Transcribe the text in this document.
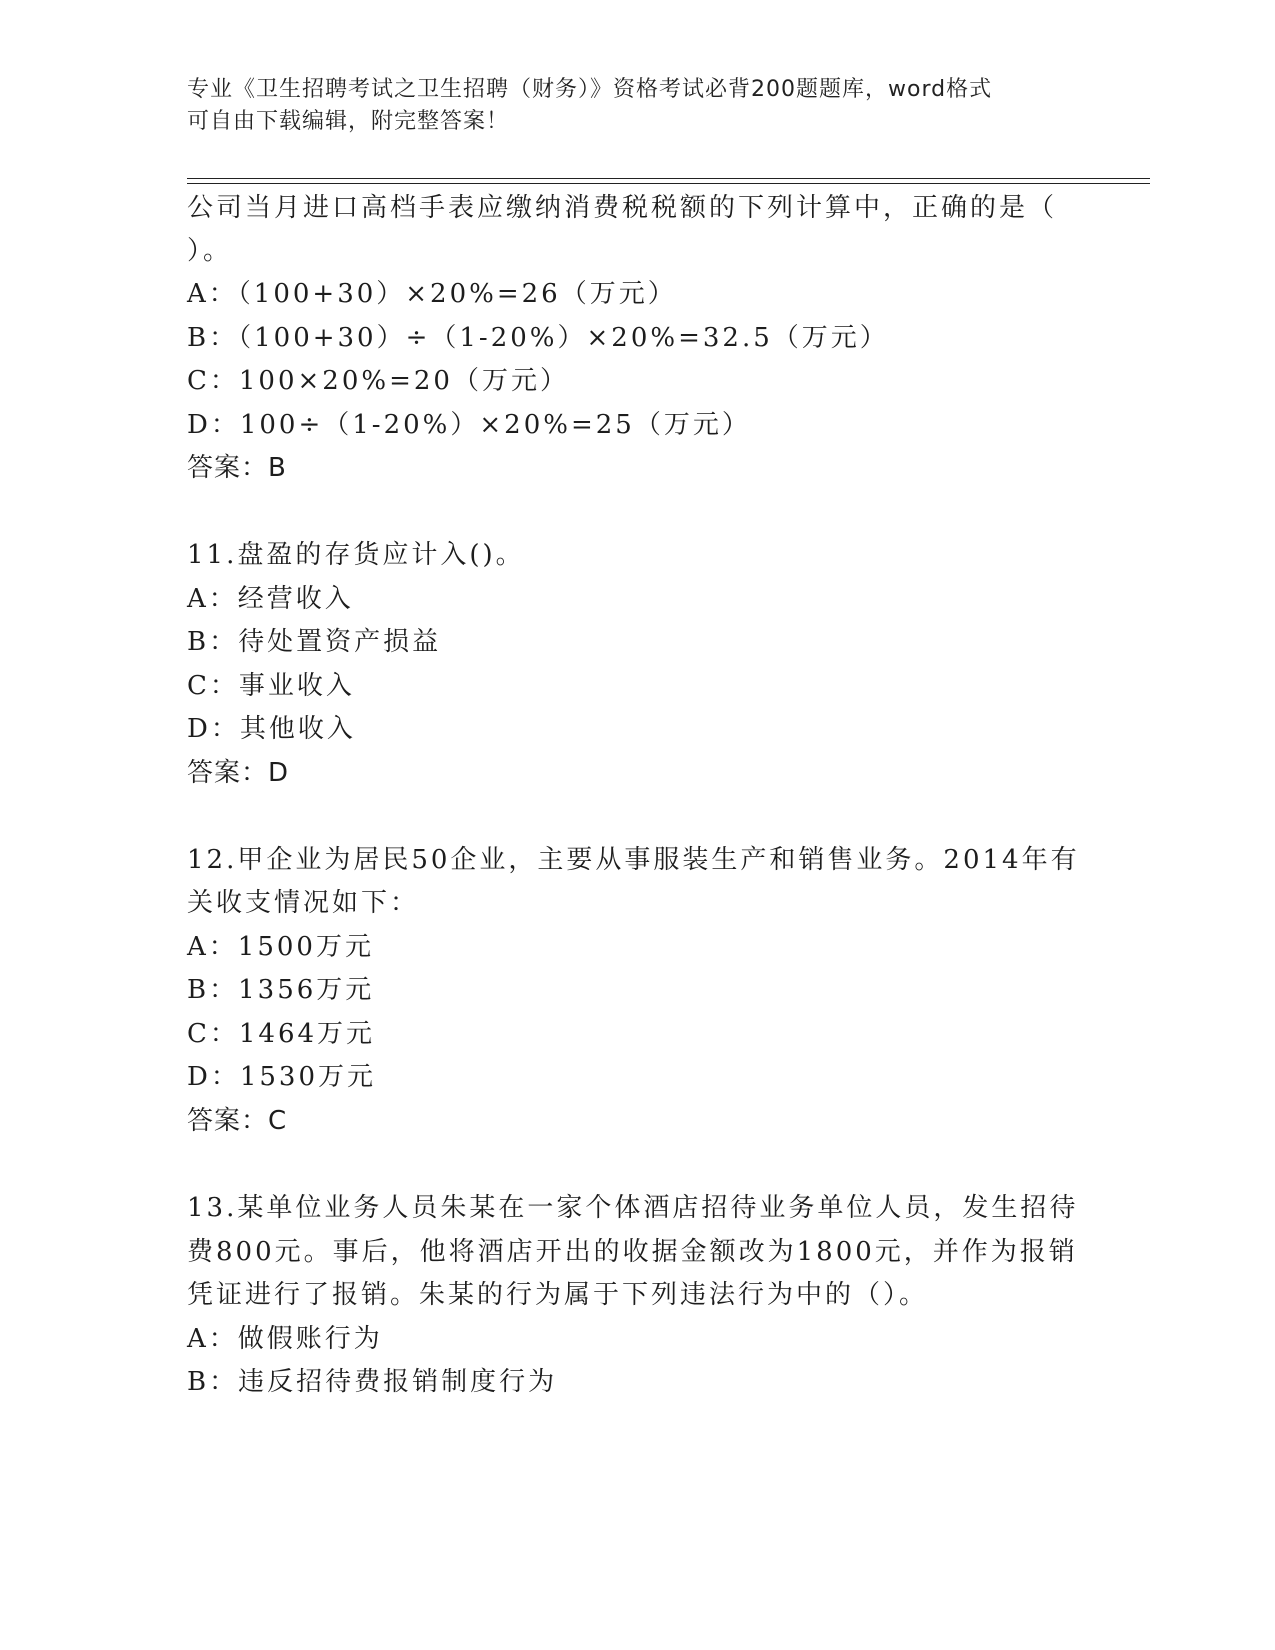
专业《卫生招聘考试之卫生招聘（财务）》资格考试必背200题题库，word格式
可自由下载编辑，附完整答案！
公司当月进口高档手表应缴纳消费税税额的下列计算中，正确的是（
）。
A：（100+30）×20%=26（万元）
B：（100+30）÷（1-20%）×20%=32.5（万元）
C：100×20%=20（万元）
D：100÷（1-20%）×20%=25（万元）
答案：B
11.盘盈的存货应计入()。
A：经营收入
B：待处置资产损益
C：事业收入
D：其他收入
答案：D
12.甲企业为居民50企业，主要从事服装生产和销售业务。2014年有
关收支情况如下：
A：1500万元
B：1356万元
C：1464万元
D：1530万元
答案：C
13.某单位业务人员朱某在一家个体酒店招待业务单位人员，发生招待
费800元。事后，他将酒店开出的收据金额改为1800元，并作为报销
凭证进行了报销。朱某的行为属于下列违法行为中的（）。
A：做假账行为
B：违反招待费报销制度行为
